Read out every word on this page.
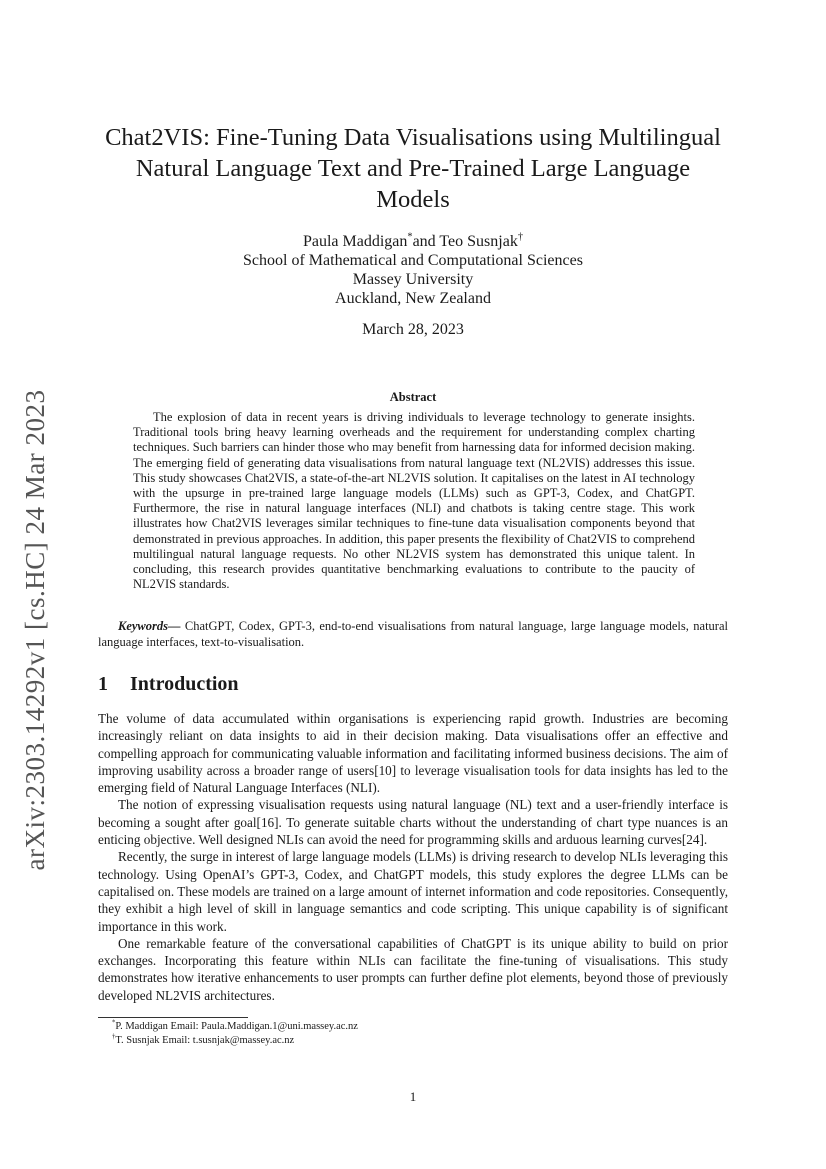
arXiv:2303.14292v1 [cs.HC] 24 Mar 2023
Chat2VIS: Fine-Tuning Data Visualisations using Multilingual
Natural Language Text and Pre-Trained Large Language
Models
Paula Maddigan*and Teo Susnjak†
School of Mathematical and Computational Sciences
Massey University
Auckland, New Zealand
March 28, 2023
Abstract

The explosion of data in recent years is driving individuals to leverage technology to generate insights. Traditional tools bring heavy learning overheads and the requirement for understanding complex charting techniques. Such barriers can hinder those who may benefit from harnessing data for informed decision making. The emerging field of generating data visualisations from natural language text (NL2VIS) addresses this issue. This study showcases Chat2VIS, a state-of-the-art NL2VIS solution. It capitalises on the latest in AI technology with the upsurge in pre-trained large language models (LLMs) such as GPT-3, Codex, and ChatGPT. Furthermore, the rise in natural language interfaces (NLI) and chatbots is taking centre stage. This work illustrates how Chat2VIS leverages similar techniques to fine-tune data visualisation components beyond that demonstrated in previous approaches. In addition, this paper presents the flexibility of Chat2VIS to comprehend multilingual natural language requests. No other NL2VIS system has demonstrated this unique talent. In concluding, this research provides quantitative benchmarking evaluations to contribute to the paucity of NL2VIS standards.

Keywords— ChatGPT, Codex, GPT-3, end-to-end visualisations from natural language, large language models, natural language interfaces, text-to-visualisation.

1 Introduction

The volume of data accumulated within organisations is experiencing rapid growth. Industries are becoming increasingly reliant on data insights to aid in their decision making. Data visualisations offer an effective and compelling approach for communicating valuable information and facilitating informed business decisions. The aim of improving usability across a broader range of users[10] to leverage visualisation tools for data insights has led to the emerging field of Natural Language Interfaces (NLI).

The notion of expressing visualisation requests using natural language (NL) text and a user-friendly interface is becoming a sought after goal[16]. To generate suitable charts without the understanding of chart type nuances is an enticing objective. Well designed NLIs can avoid the need for programming skills and arduous learning curves[24].

Recently, the surge in interest of large language models (LLMs) is driving research to develop NLIs leveraging this technology. Using OpenAI’s GPT-3, Codex, and ChatGPT models, this study explores the degree LLMs can be capitalised on. These models are trained on a large amount of internet information and code repositories. Consequently, they exhibit a high level of skill in language semantics and code scripting. This unique capability is of significant importance in this work.

One remarkable feature of the conversational capabilities of ChatGPT is its unique ability to build on prior exchanges. Incorporating this feature within NLIs can facilitate the fine-tuning of visualisations. This study demonstrates how iterative enhancements to user prompts can further define plot elements, beyond those of previously developed NL2VIS architectures.

*P. Maddigan Email: Paula.Maddigan.1@uni.massey.ac.nz
†T. Susnjak Email: t.susnjak@massey.ac.nz
1
